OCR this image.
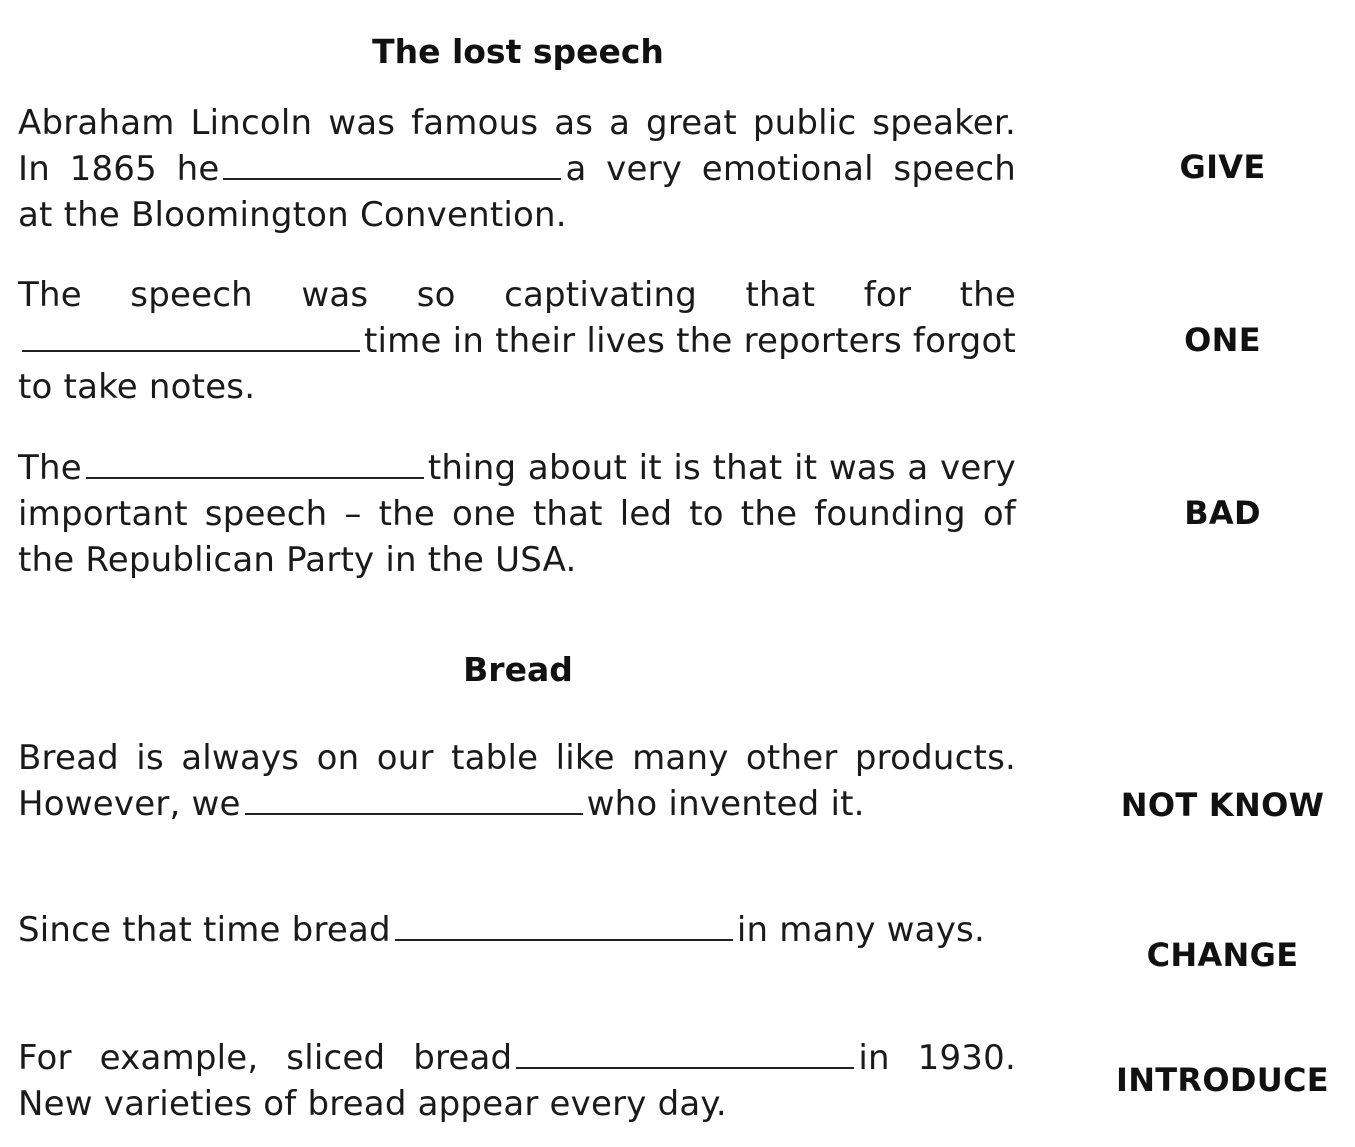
The lost speech
Abraham Lincoln was famous as a great public speaker. In 1865 he	a very emotional speech at the Bloomington Convention.
GIVE
The speech was so captivating that for thetime in their lives the reporters forgot to take notes.
ONE
The	thing about it is that it was a very important speech – the one that led to the founding of the Republican Party in the USA.
BAD
Bread
Bread is always on our table like many other products. However, we	who invented it.	NOT KNOW
Since that time bread	in many ways.
CHANGE
For example, sliced bread	in 1930. New varieties of bread appear every day.
INTRODUCE
